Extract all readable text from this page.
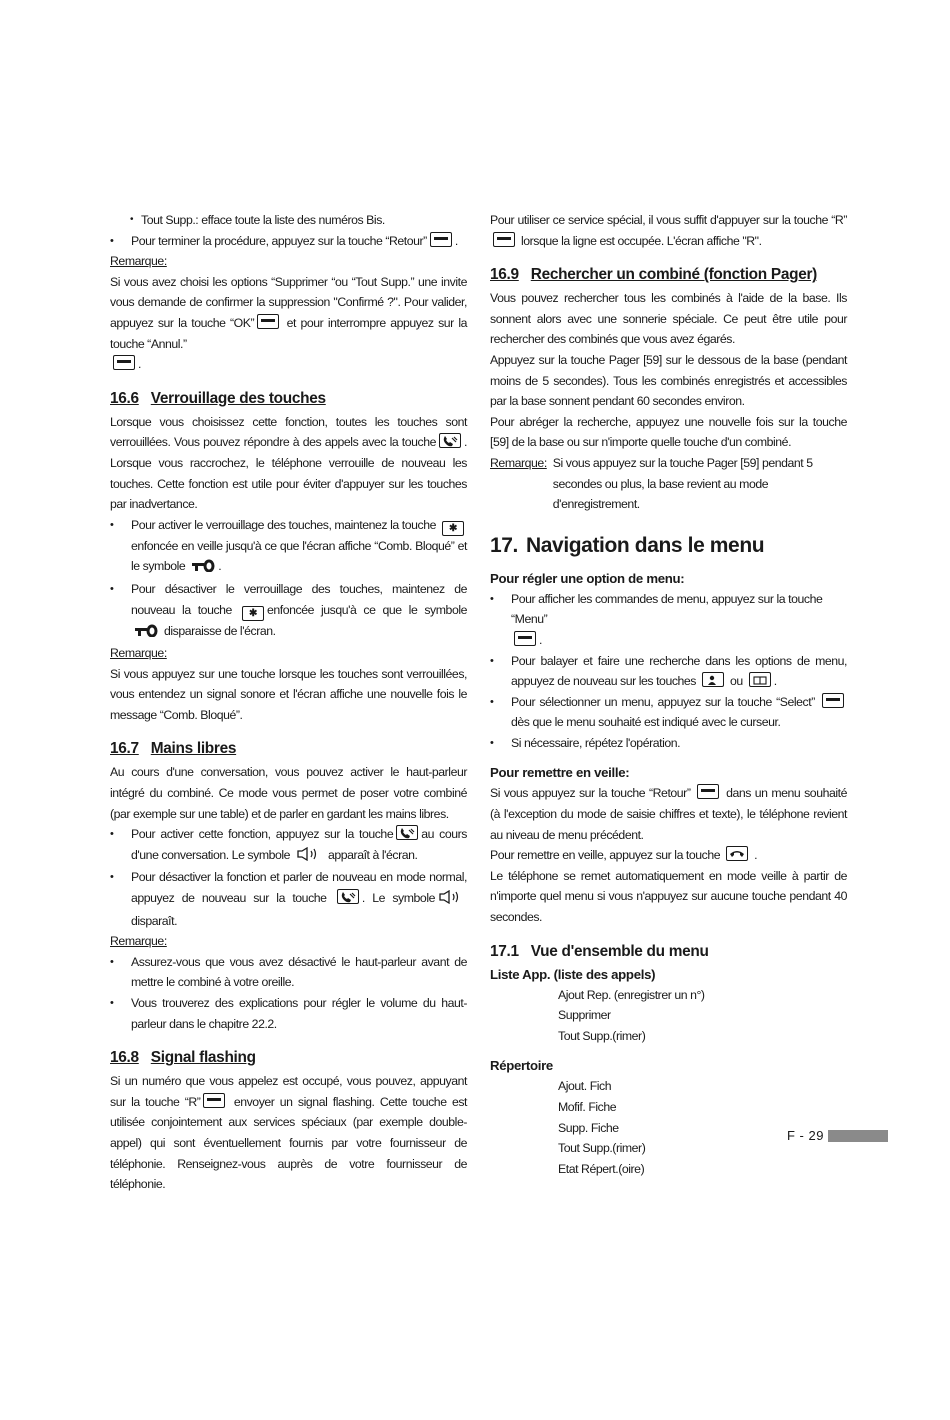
• Tout Supp.: efface toute la liste des numéros Bis.

• Pour terminer la procédure, appuyez sur la touche “Retour” .

Remarque:

Si vous avez choisi les options “Supprimer “ou “Tout Supp.” une invite vous demande de confirmer la suppression "Confirmé ?". Pour valider, appuyez sur la touche “OK”	et pour interrompre appuyez sur la touche “Annul.”
.

16.6 Verrouillage des touches

Lorsque vous choisissez cette fonction, toutes les touches sont verrouillées. Vous pouvez répondre à des appels avec la touche . Lorsque vous raccrochez, le téléphone verrouille de nouveau les touches. Cette fonction est utile pour éviter d'appuyer sur les touches par inadvertance.

• Pour activer le verrouillage des touches, maintenez la touche ✱enfoncée en veille jusqu'à ce que l'écran affiche “Comb. Bloqué” et le symbole	.

• Pour désactiver le verrouillage des touches, maintenez de nouveau la touche ✱ enfoncée jusqu'à ce que le symbole  disparaisse de l'écran.

Remarque:

Si vous appuyez sur une touche lorsque les touches sont verrouillées, vous entendez un signal sonore et l'écran affiche une nouvelle fois le message “Comb. Bloqué”.

16.7 Mains libres

Au cours d'une conversation, vous pouvez activer le haut-parleur intégré du combiné. Ce mode vous permet de poser votre combiné (par exemple sur une table) et de parler en gardant les mains libres.

• Pour activer cette fonction, appuyez sur la touche au cours d'une conversation. Le symbole	apparaît à l'écran.

• Pour désactiver la fonction et parler de nouveau en mode normal, appuyez de nouveau sur la touche	. Le symboledisparaît.

Remarque:

• Assurez-vous que vous avez désactivé le haut-parleur avant de mettre le combiné à votre oreille.

• Vous trouverez des explications pour régler le volume du haut-parleur dans le chapitre 22.2.

16.8 Signal flashing

Si un numéro que vous appelez est occupé, vous pouvez, appuyant sur la touche “R”	envoyer un signal flashing. Cette touche est utilisée conjointement aux services spéciaux (par exemple double-appel) qui sont éventuellement fournis par votre fournisseur de téléphonie. Renseignez-vous auprès de votre fournisseur de téléphonie.

Pour utiliser ce service spécial, il vous suffit d'appuyer sur la touche “R”  lorsque la ligne est occupée. L'écran affiche "R".

16.9 Rechercher un combiné (fonction Pager)

Vous pouvez rechercher tous les combinés à l'aide de la base. Ils sonnent alors avec une sonnerie spéciale. Ce peut être utile pour rechercher des combinés que vous avez égarés.

Appuyez sur la touche Pager [59] sur le dessous de la base (pendant moins de 5 secondes). Tous les combinés enregistrés et accessibles par la base sonnent pendant 60 secondes environ.

Pour abréger la recherche, appuyez une nouvelle fois sur la touche [59] de la base ou sur n'importe quelle touche d'un combiné.

Remarque: Si vous appuyez sur la touche Pager [59] pendant 5 secondes ou plus, la base revient au mode d'enregistrement.
17. Navigation dans le menu
Pour régler une option de menu:

• Pour afficher les commandes de menu, appuyez sur la touche “Menu”
.

• Pour balayer et faire une recherche dans les options de menu, appuyez de nouveau sur les touches	ou	.

• Pour sélectionner un menu, appuyez sur la touche “Select”  dès que le menu souhaité est indiqué avec le curseur.

• Si nécessaire, répétez l'opération.

Pour remettre en veille:

Si vous appuyez sur la touche “Retour”	dans un menu souhaité (à l'exception du mode de saisie chiffres et texte), le téléphone revient au niveau de menu précédent.

Pour remettre en veille, appuyez sur la touche	.

Le téléphone se remet automatiquement en mode veille à partir de n'importe quel menu si vous n'appuyez sur aucune touche pendant 40 secondes.

17.1 Vue d'ensemble du menu
Liste App. (liste des appels)

Ajout Rep. (enregistrer un n°)

Supprimer

Tout Supp.(rimer)

Répertoire

Ajout. Fich

Mofif. Fiche

Supp. Fiche

Tout Supp.(rimer)

Etat Répert.(oire)

F - 29
